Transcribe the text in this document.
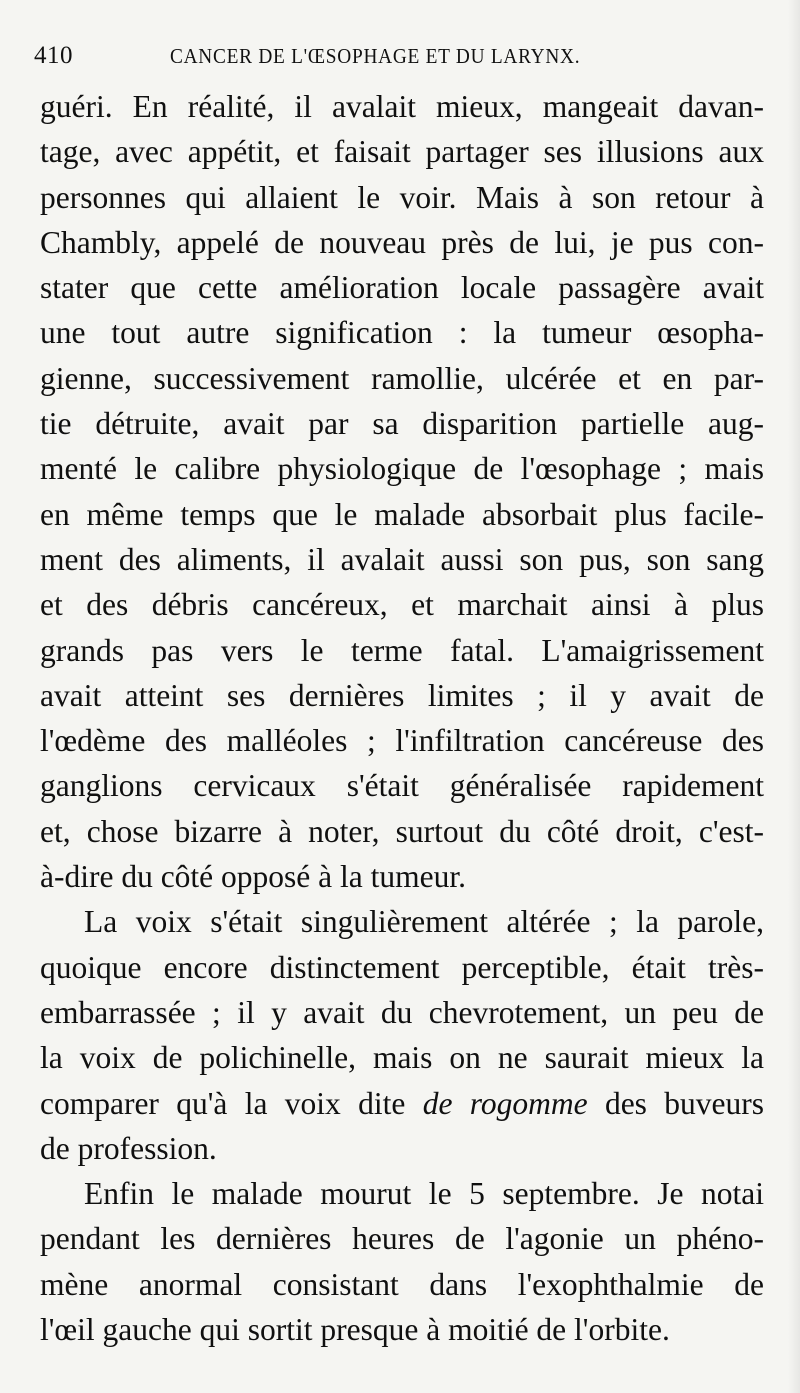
410	CANCER DE L'ŒSOPHAGE ET DU LARYNX.
guéri. En réalité, il avalait mieux, mangeait davan-
tage, avec appétit, et faisait partager ses illusions aux
personnes qui allaient le voir. Mais à son retour à
Chambly, appelé de nouveau près de lui, je pus con-
stater que cette amélioration locale passagère avait
une tout autre signification : la tumeur œsopha-
gienne, successivement ramollie, ulcérée et en par-
tie détruite, avait par sa disparition partielle aug-
menté le calibre physiologique de l'œsophage ; mais
en même temps que le malade absorbait plus facile-
ment des aliments, il avalait aussi son pus, son sang
et des débris cancéreux, et marchait ainsi à plus
grands pas vers le terme fatal. L'amaigrissement
avait atteint ses dernières limites ; il y avait de
l'œdème des malléoles ; l'infiltration cancéreuse des
ganglions cervicaux s'était généralisée rapidement
et, chose bizarre à noter, surtout du côté droit, c'est-
à-dire du côté opposé à la tumeur.
La voix s'était singulièrement altérée ; la parole,
quoique encore distinctement perceptible, était très-
embarrassée ; il y avait du chevrotement, un peu de
la voix de polichinelle, mais on ne saurait mieux la
comparer qu'à la voix dite de rogomme des buveurs
de profession.
Enfin le malade mourut le 5 septembre. Je notai
pendant les dernières heures de l'agonie un phéno-
mène anormal consistant dans l'exophthalmie de
l'œil gauche qui sortit presque à moitié de l'orbite.
